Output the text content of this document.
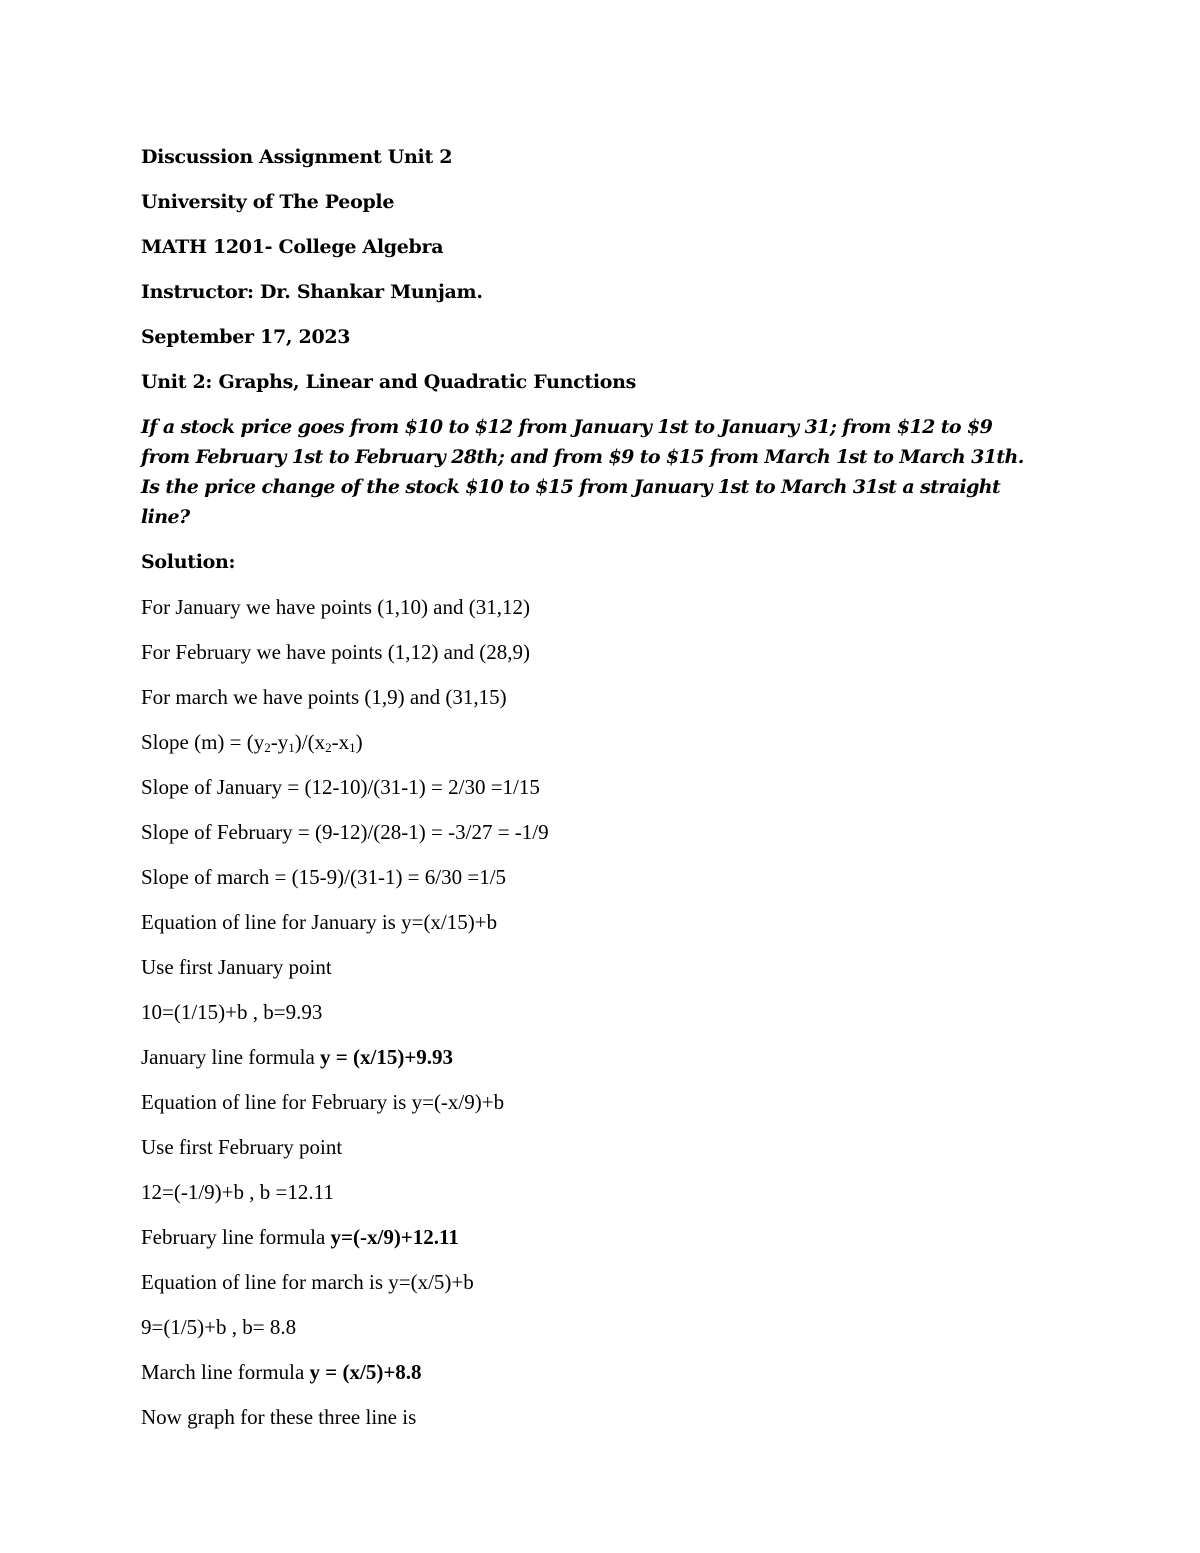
Discussion Assignment Unit 2

University of The People

MATH 1201- College Algebra

Instructor: Dr. Shankar Munjam.

September 17, 2023

Unit 2: Graphs, Linear and Quadratic Functions

If a stock price goes from $10 to $12 from January 1st to January 31; from $12 to $9 from February 1st to February 28th; and from $9 to $15 from March 1st to March 31th. Is the price change of the stock $10 to $15 from January 1st to March 31st a straight line?

Solution:

For January we have points (1,10) and (31,12)

For February we have points (1,12) and (28,9)

For march we have points (1,9) and (31,15)

Slope $(m) = (y_2-y_1)/(x_2-x_1)$

Slope of January = (12-10)/(31-1) = 2/30 =1/15

Slope of February = (9-12)/(28-1) = -3/27 = -1/9

Slope of march = (15-9)/(31-1) = 6/30 =1/5

Equation of line for January is y=(x/15)+b

Use first January point

10=(1/15)+b , b=9.93

January line formula y = (x/15)+9.93

Equation of line for February is y=(-x/9)+b

Use first February point

12=(-1/9)+b , b =12.11

February line formula y=(-x/9)+12.11

Equation of line for march is y=(x/5)+b

9=(1/5)+b , b= 8.8

March line formula y = (x/5)+8.8

Now graph for these three line is
